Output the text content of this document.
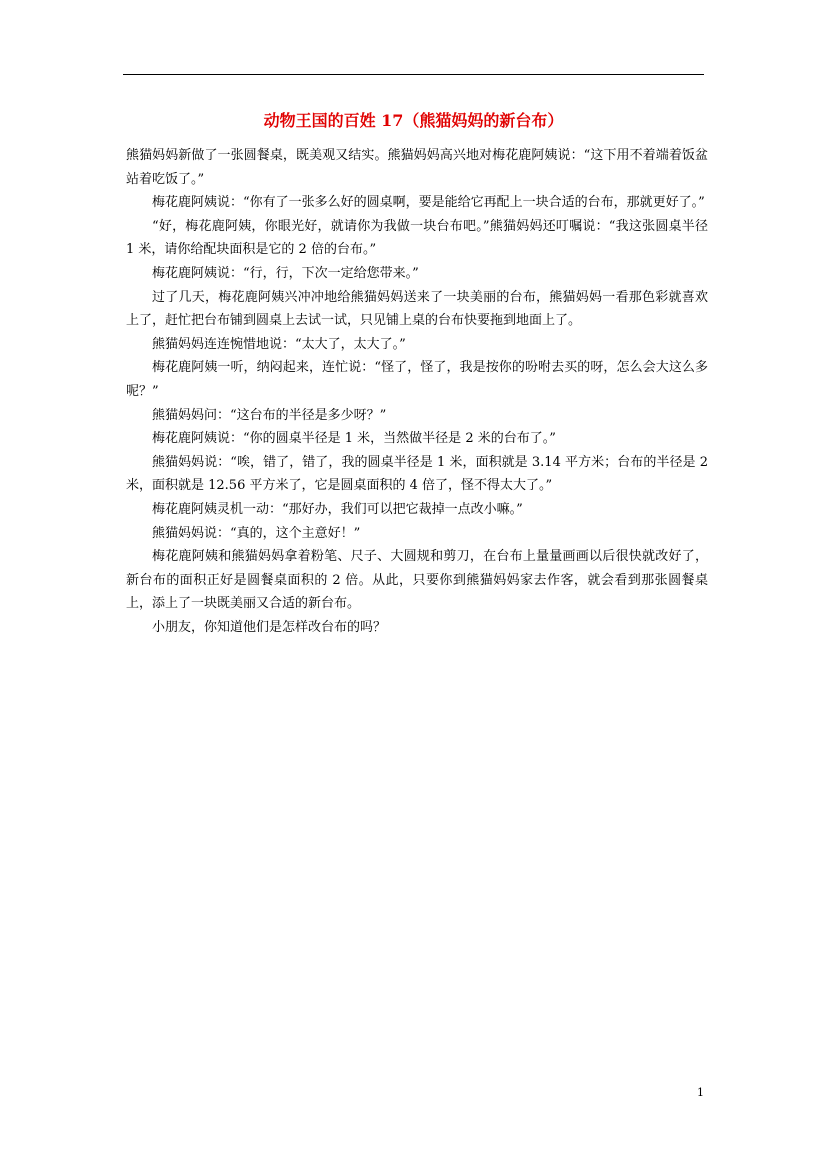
动物王国的百姓 17（熊猫妈妈的新台布）

熊猫妈妈新做了一张圆餐桌，既美观又结实。熊猫妈妈高兴地对梅花鹿阿姨说：“这下用不着端着饭盆站着吃饭了。”

梅花鹿阿姨说：“你有了一张多么好的圆桌啊，要是能给它再配上一块合适的台布，那就更好了。”

“好，梅花鹿阿姨，你眼光好，就请你为我做一块台布吧。”熊猫妈妈还叮嘱说：“我这张圆桌半径 1 米，请你给配块面积是它的 2 倍的台布。”

梅花鹿阿姨说：“行，行，下次一定给您带来。”

过了几天，梅花鹿阿姨兴冲冲地给熊猫妈妈送来了一块美丽的台布，熊猫妈妈一看那色彩就喜欢上了，赶忙把台布铺到圆桌上去试一试，只见铺上桌的台布快要拖到地面上了。

熊猫妈妈连连惋惜地说：“太大了，太大了。”

梅花鹿阿姨一听，纳闷起来，连忙说：“怪了，怪了，我是按你的吩咐去买的呀，怎么会大这么多呢？”

熊猫妈妈问：“这台布的半径是多少呀？”

梅花鹿阿姨说：“你的圆桌半径是 1 米，当然做半径是 2 米的台布了。”

熊猫妈妈说：“唉，错了，错了，我的圆桌半径是 1 米，面积就是 3.14 平方米；台布的半径是 2 米，面积就是 12.56 平方米了，它是圆桌面积的 4 倍了，怪不得太大了。”

梅花鹿阿姨灵机一动：“那好办，我们可以把它裁掉一点改小嘛。”

熊猫妈妈说：“真的，这个主意好！”

梅花鹿阿姨和熊猫妈妈拿着粉笔、尺子、大圆规和剪刀，在台布上量量画画以后很快就改好了，新台布的面积正好是圆餐桌面积的 2 倍。从此，只要你到熊猫妈妈家去作客，就会看到那张圆餐桌上，添上了一块既美丽又合适的新台布。

小朋友，你知道他们是怎样改台布的吗？

1
